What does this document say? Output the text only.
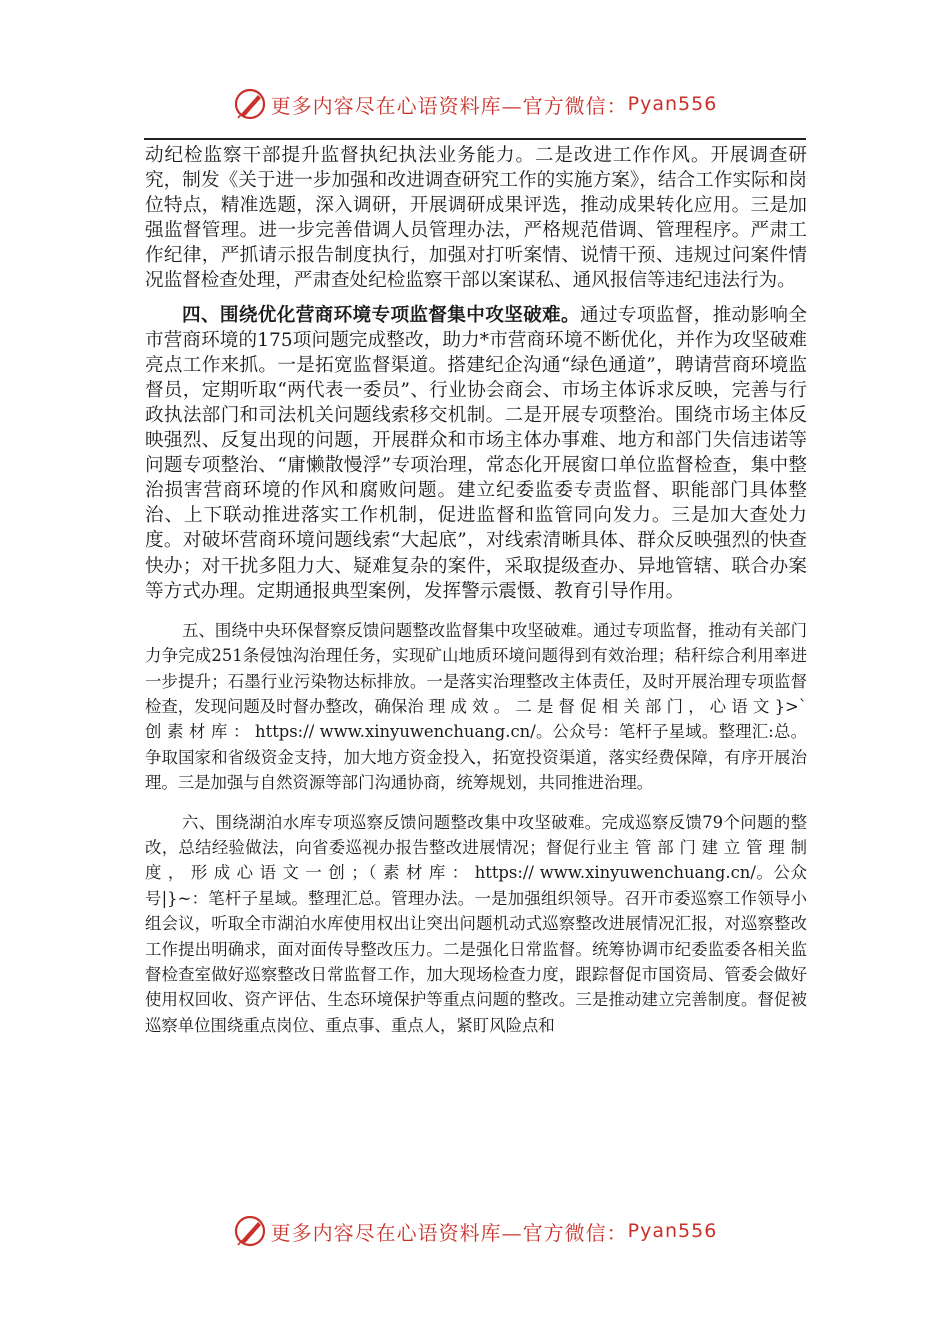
更多内容尽在心语资料库—官方微信： Pyan556

动纪检监察干部提升监督执纪执法业务能力。二是改进工作作风。开展调查研究，制发《关于进一步加强和改进调查研究工作的实施方案》，结合工作实际和岗位特点，精准选题，深入调研，开展调研成果评选，推动成果转化应用。三是加强监督管理。进一步完善借调人员管理办法，严格规范借调、管理程序。严肃工作纪律，严抓请示报告制度执行，加强对打听案情、说情干预、违规过问案件情况监督检查处理，严肃查处纪检监察干部以案谋私、通风报信等违纪违法行为。

四、围绕优化营商环境专项监督集中攻坚破难。通过专项监督，推动影响全市营商环境的175项问题完成整改，助力*市营商环境不断优化，并作为攻坚破难亮点工作来抓。一是拓宽监督渠道。搭建纪企沟通“绿色通道”，聘请营商环境监督员，定期听取“两代表一委员”、行业协会商会、市场主体诉求反映，完善与行政执法部门和司法机关问题线索移交机制。二是开展专项整治。围绕市场主体反映强烈、反复出现的问题，开展群众和市场主体办事难、地方和部门失信违诺等问题专项整治、“庸懒散慢浮”专项治理，常态化开展窗口单位监督检查，集中整治损害营商环境的作风和腐败问题。建立纪委监委专责监督、职能部门具体整治、上下联动推进落实工作机制，促进监督和监管同向发力。三是加大查处力度。对破坏营商环境问题线索“大起底”，对线索清晰具体、群众反映强烈的快查快办；对干扰多阻力大、疑难复杂的案件，采取提级查办、异地管辖、联合办案等方式办理。定期通报典型案例，发挥警示震慑、教育引导作用。

五、围绕中央环保督察反馈问题整改监督集中攻坚破难。通过专项监督，推动有关部门力争完成251条侵蚀沟治理任务，实现矿山地质环境问题得到有效治理；秸秆综合利用率进一步提升；石墨行业污染物达标排放。一是落实治理整改主体责任，及时开展治理专项监督检查，发现问题及时督办整改，确保治 理 成 效 。 二 是 督 促 相 关 部 门 ， 心 语 文 }>` 创 素 材 库 ： https:// www.xinyuwenchuang.cn/。公众号：笔杆子星域。整理汇:总。争取国家和省级资金支持，加大地方资金投入，拓宽投资渠道，落实经费保障，有序开展治理。三是加强与自然资源等部门沟通协商，统筹规划，共同推进治理。

六、围绕湖泊水库专项巡察反馈问题整改集中攻坚破难。完成巡察反馈79个问题的整改，总结经验做法，向省委巡视办报告整改进展情况；督促行业主 管 部 门 建 立 管 理 制 度 ， 形 成 心 语 文 一 创 ；（ 素 材 库 ： https:// www.xinyuwenchuang.cn/。公众号|}~：笔杆子星域。整理汇总。管理办法。一是加强组织领导。召开市委巡察工作领导小组会议，听取全市湖泊水库使用权出让突出问题机动式巡察整改进展情况汇报，对巡察整改工作提出明确求，面对面传导整改压力。二是强化日常监督。统筹协调市纪委监委各相关监督检查室做好巡察整改日常监督工作，加大现场检查力度，跟踪督促市国资局、管委会做好使用权回收、资产评估、生态环境保护等重点问题的整改。三是推动建立完善制度。督促被巡察单位围绕重点岗位、重点事、重点人，紧盯风险点和

更多内容尽在心语资料库—官方微信： Pyan556
